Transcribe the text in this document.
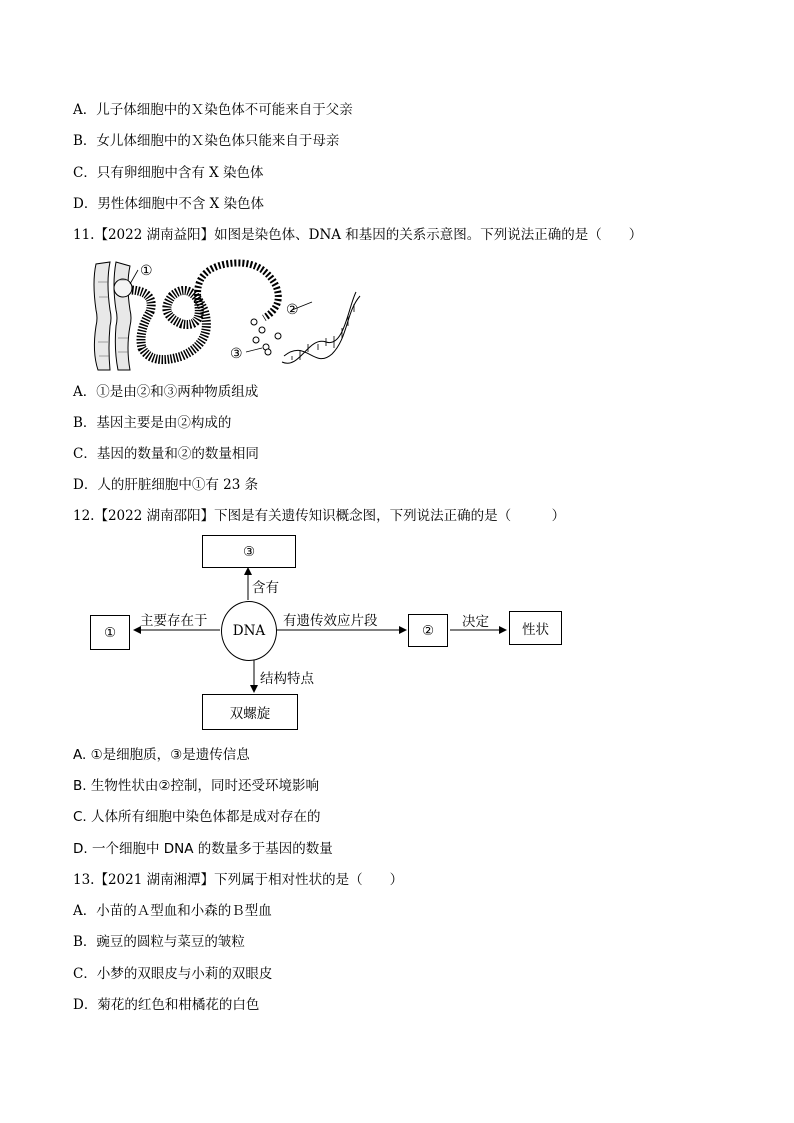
A．儿子体细胞中的Ｘ染色体不可能来自于父亲
B．女儿体细胞中的Ｘ染色体只能来自于母亲
C．只有卵细胞中含有 X 染色体
D．男性体细胞中不含 X 染色体
11.【2022 湖南益阳】如图是染色体、DNA 和基因的关系示意图。下列说法正确的是（　　）
①
②
③
A．①是由②和③两种物质组成
B．基因主要是由②构成的
C．基因的数量和②的数量相同
D．人的肝脏细胞中①有 23 条
12.【2022 湖南邵阳】下图是有关遗传知识概念图，下列说法正确的是（　　　）
③
含有
①
主要存在于
DNA
有遗传效应片段
②
决定	性状
结构特点
双螺旋
A. ①是细胞质，③是遗传信息
B. 生物性状由②控制，同时还受环境影响
C. 人体所有细胞中染色体都是成对存在的
D. 一个细胞中 DNA 的数量多于基因的数量
13.【2021 湖南湘潭】下列属于相对性状的是（　　）
A．小苗的Ａ型血和小森的Ｂ型血
B．豌豆的圆粒与菜豆的皱粒
C．小梦的双眼皮与小莉的双眼皮
D．菊花的红色和柑橘花的白色
